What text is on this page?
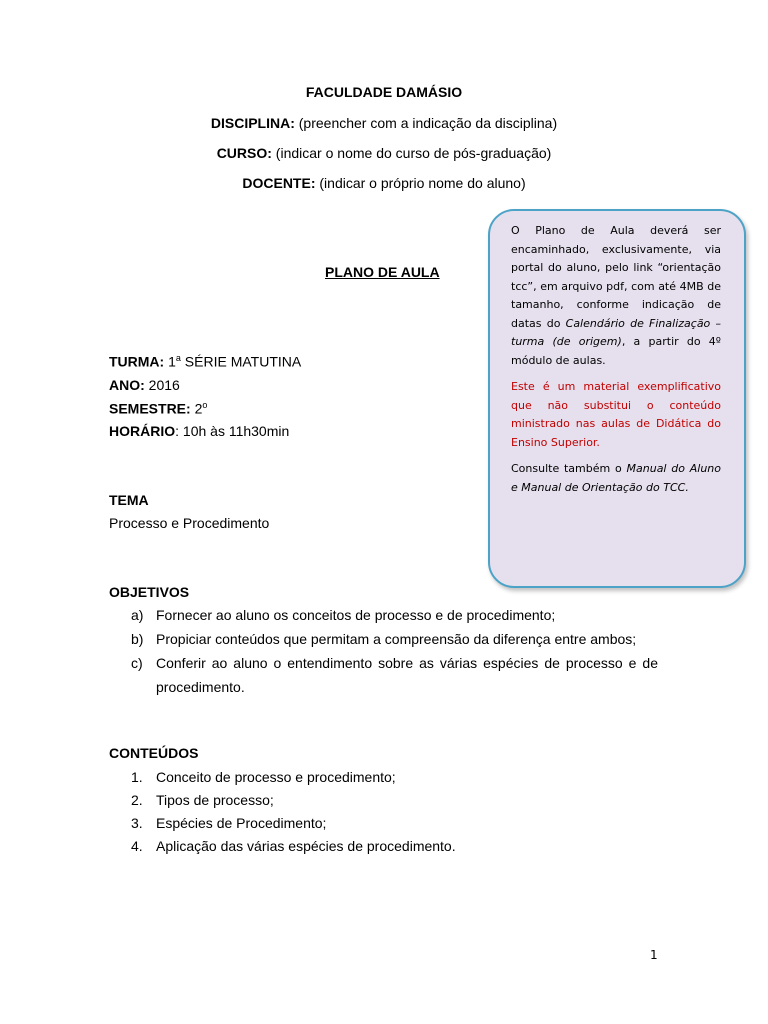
FACULDADE DAMÁSIO
DISCIPLINA: (preencher com a indicação da disciplina)
CURSO: (indicar o nome do curso de pós-graduação)
DOCENTE: (indicar o próprio nome do aluno)
PLANO DE AULA
TURMA: 1$^a$ SÉRIE MATUTINA
ANO: 2016
SEMESTRE: 2$^o$
HORÁRIO: 10h às 11h30min
TEMA
Processo e Procedimento
OBJETIVOS
a) Fornecer ao aluno os conceitos de processo e de procedimento;
b) Propiciar conteúdos que permitam a compreensão da diferença entre ambos;
c) Conferir ao aluno o entendimento sobre as várias espécies de processo e de
procedimento.
CONTEÚDOS
1. Conceito de processo e procedimento;
2. Tipos de processo;
3. Espécies de Procedimento;
4. Aplicação das várias espécies de procedimento.

O Plano de Aula deverá ser encaminhado, exclusivamente, via portal do aluno, pelo link “orientação tcc”, em arquivo pdf, com até 4MB de tamanho, conforme indicação de datas do Calendário de Finalização – turma (de origem), a partir do 4º módulo de aulas.

Este é um material exemplificativo que não substitui o conteúdo ministrado nas aulas de Didática do Ensino Superior.

Consulte também o Manual do Aluno e Manual de Orientação do TCC.

1
